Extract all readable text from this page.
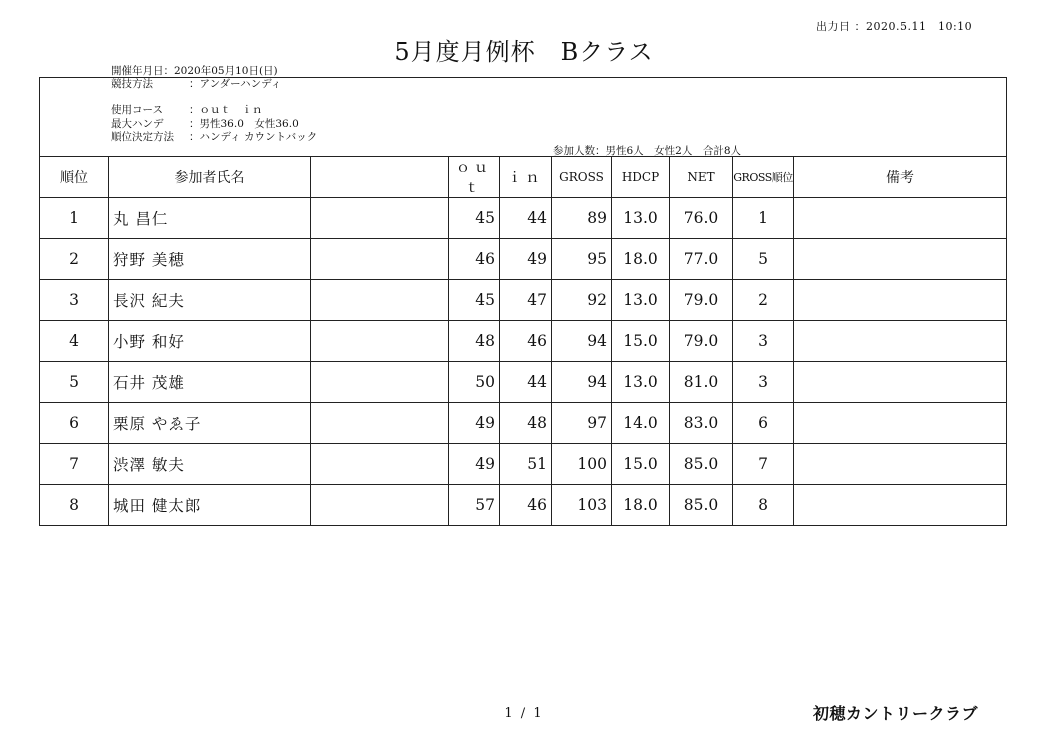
出力日 ：2020.5.11　10:10
5月度月例杯　Bクラス
開催年月日：2020年05月10日(日)
競技方法	：アンダーハンディ
使用コース ：ｏｕｔ　ｉｎ
最大ハンデ ：男性36.0　女性36.0
順位決定方法 ：ハンディ カウントバック
参加人数：男性6人　女性2人　合計8人
順位	参加者氏名		ｏｕｔ	ｉｎ	GROSS	HDCP	NET	GROSS順位	備考
1	丸 昌仁		45	44	89	13.0	76.0	1	
2	狩野 美穂		46	49	95	18.0	77.0	5	
3	長沢 紀夫		45	47	92	13.0	79.0	2	
4	小野 和好		48	46	94	15.0	79.0	3	
5	石井 茂雄		50	44	94	13.0	81.0	3	
6	栗原 やゑ子		49	48	97	14.0	83.0	6	
7	渋澤 敏夫		49	51	100	15.0	85.0	7	
8	城田 健太郎		57	46	103	18.0	85.0	8	
1 / 1	初穂カントリークラブ
